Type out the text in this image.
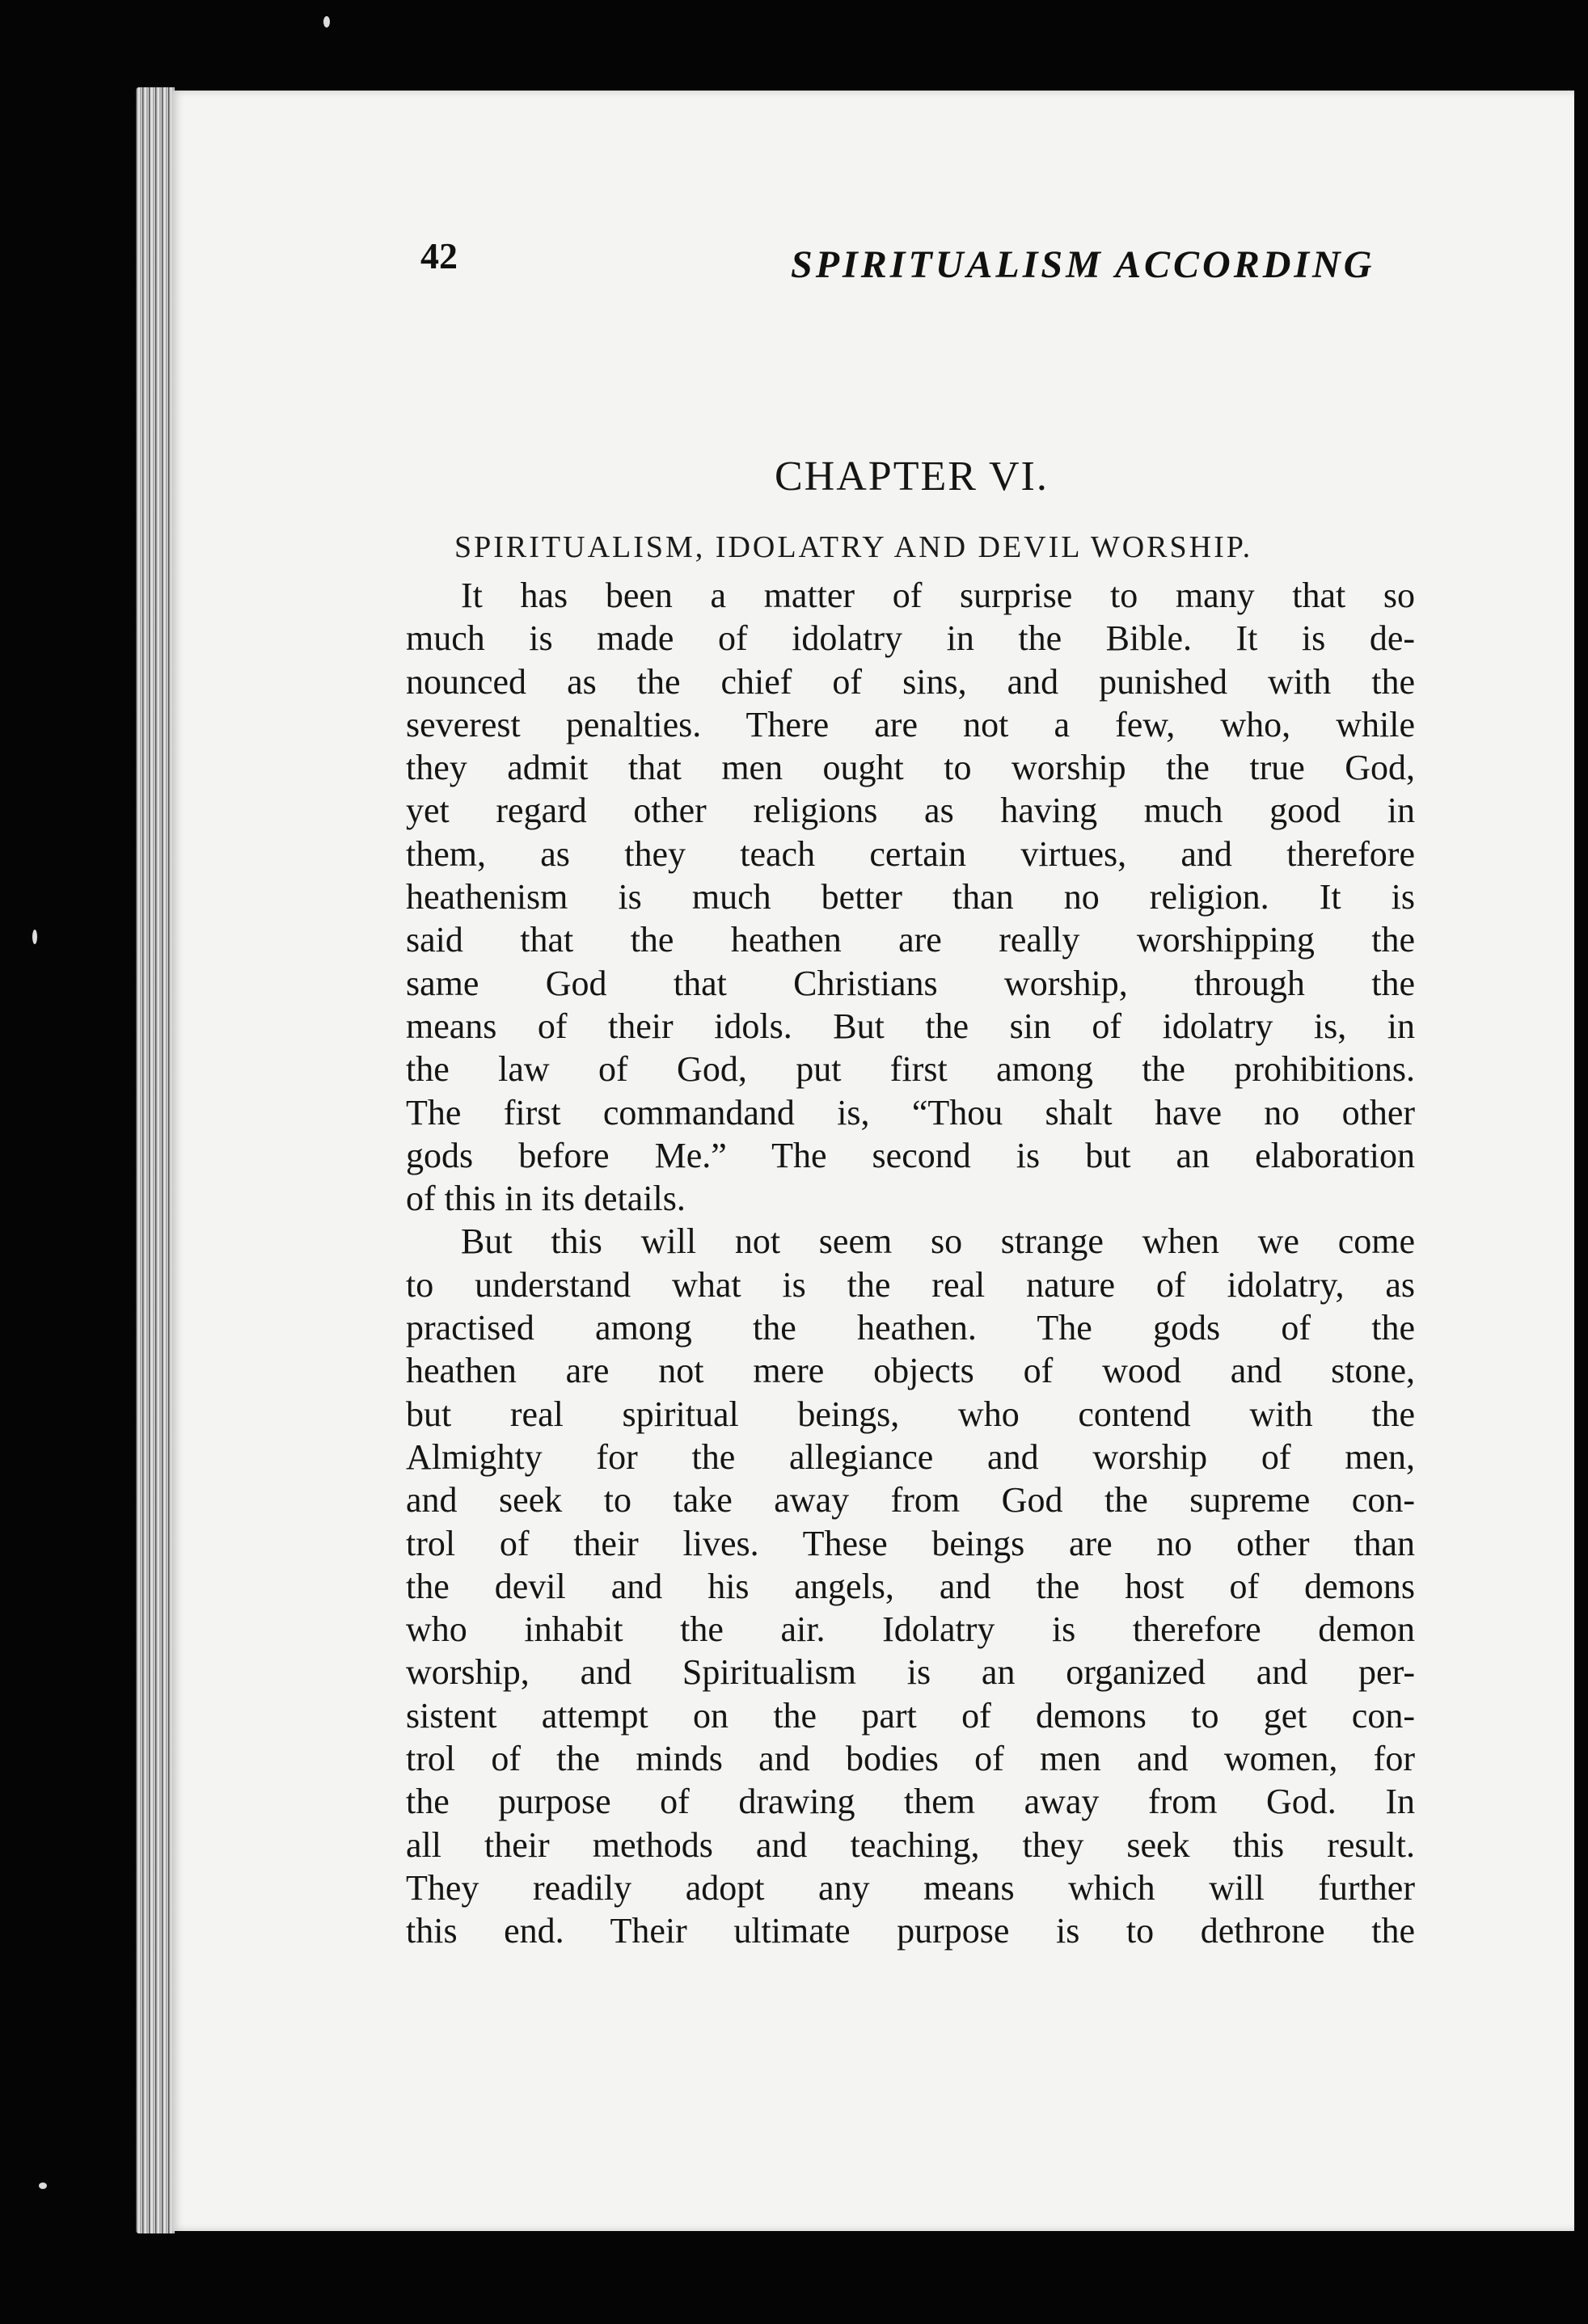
42	SPIRITUALISM ACCORDING
CHAPTER VI.
SPIRITUALISM, IDOLATRY AND DEVIL WORSHIP.
It has been a matter of surprise to many that so
much is made of idolatry in the Bible. It is de-
nounced as the chief of sins, and punished with the
severest penalties. There are not a few, who, while
they admit that men ought to worship the true God,
yet regard other religions as having much good in
them, as they teach certain virtues, and therefore
heathenism is much better than no religion. It is
said that the heathen are really worshipping the
same God that Christians worship, through the
means of their idols. But the sin of idolatry is, in
the law of God, put first among the prohibitions.
The first commandand is, “Thou shalt have no other
gods before Me.” The second is but an elaboration
of this in its details.
But this will not seem so strange when we come
to understand what is the real nature of idolatry, as
practised among the heathen. The gods of the
heathen are not mere objects of wood and stone,
but real spiritual beings, who contend with the
Almighty for the allegiance and worship of men,
and seek to take away from God the supreme con-
trol of their lives. These beings are no other than
the devil and his angels, and the host of demons
who inhabit the air. Idolatry is therefore demon
worship, and Spiritualism is an organized and per-
sistent attempt on the part of demons to get con-
trol of the minds and bodies of men and women, for
the purpose of drawing them away from God. In
all their methods and teaching, they seek this result.
They readily adopt any means which will further
this end. Their ultimate purpose is to dethrone the
